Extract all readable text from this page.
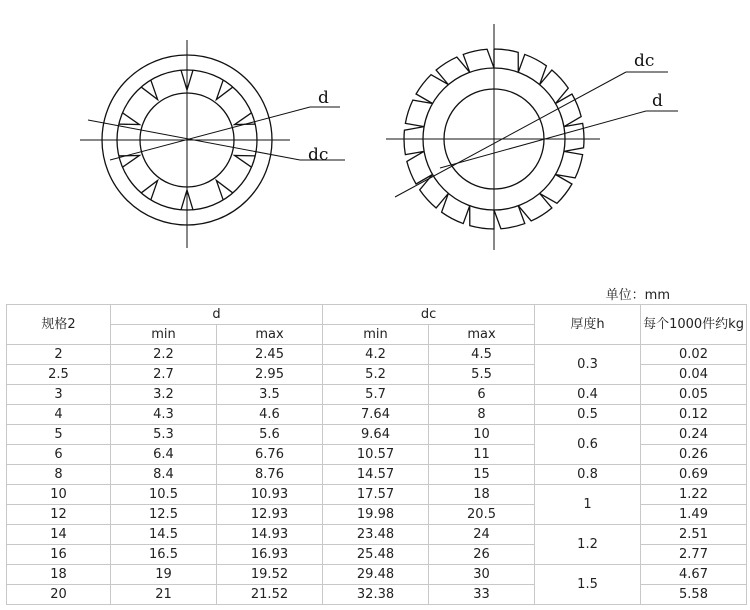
d
dc
dc
d
单位：mm
规格2	d		dc		厚度h	每个1000件约kg
	min	max	min	max		
2	2.2	2.45	4.2	4.5	0.3	0.02
2.5	2.7	2.95	5.2	5.5		0.04
3	3.2	3.5	5.7	6	0.4	0.05
4	4.3	4.6	7.64	8	0.5	0.12
5	5.3	5.6	9.64	10	0.6	0.24
6	6.4	6.76	10.57	11		0.26
8	8.4	8.76	14.57	15	0.8	0.69
10	10.5	10.93	17.57	18	1	1.22
12	12.5	12.93	19.98	20.5		1.49
14	14.5	14.93	23.48	24	1.2	2.51
16	16.5	16.93	25.48	26		2.77
18	19	19.52	29.48	30	1.5	4.67
20	21	21.52	32.38	33		5.58
